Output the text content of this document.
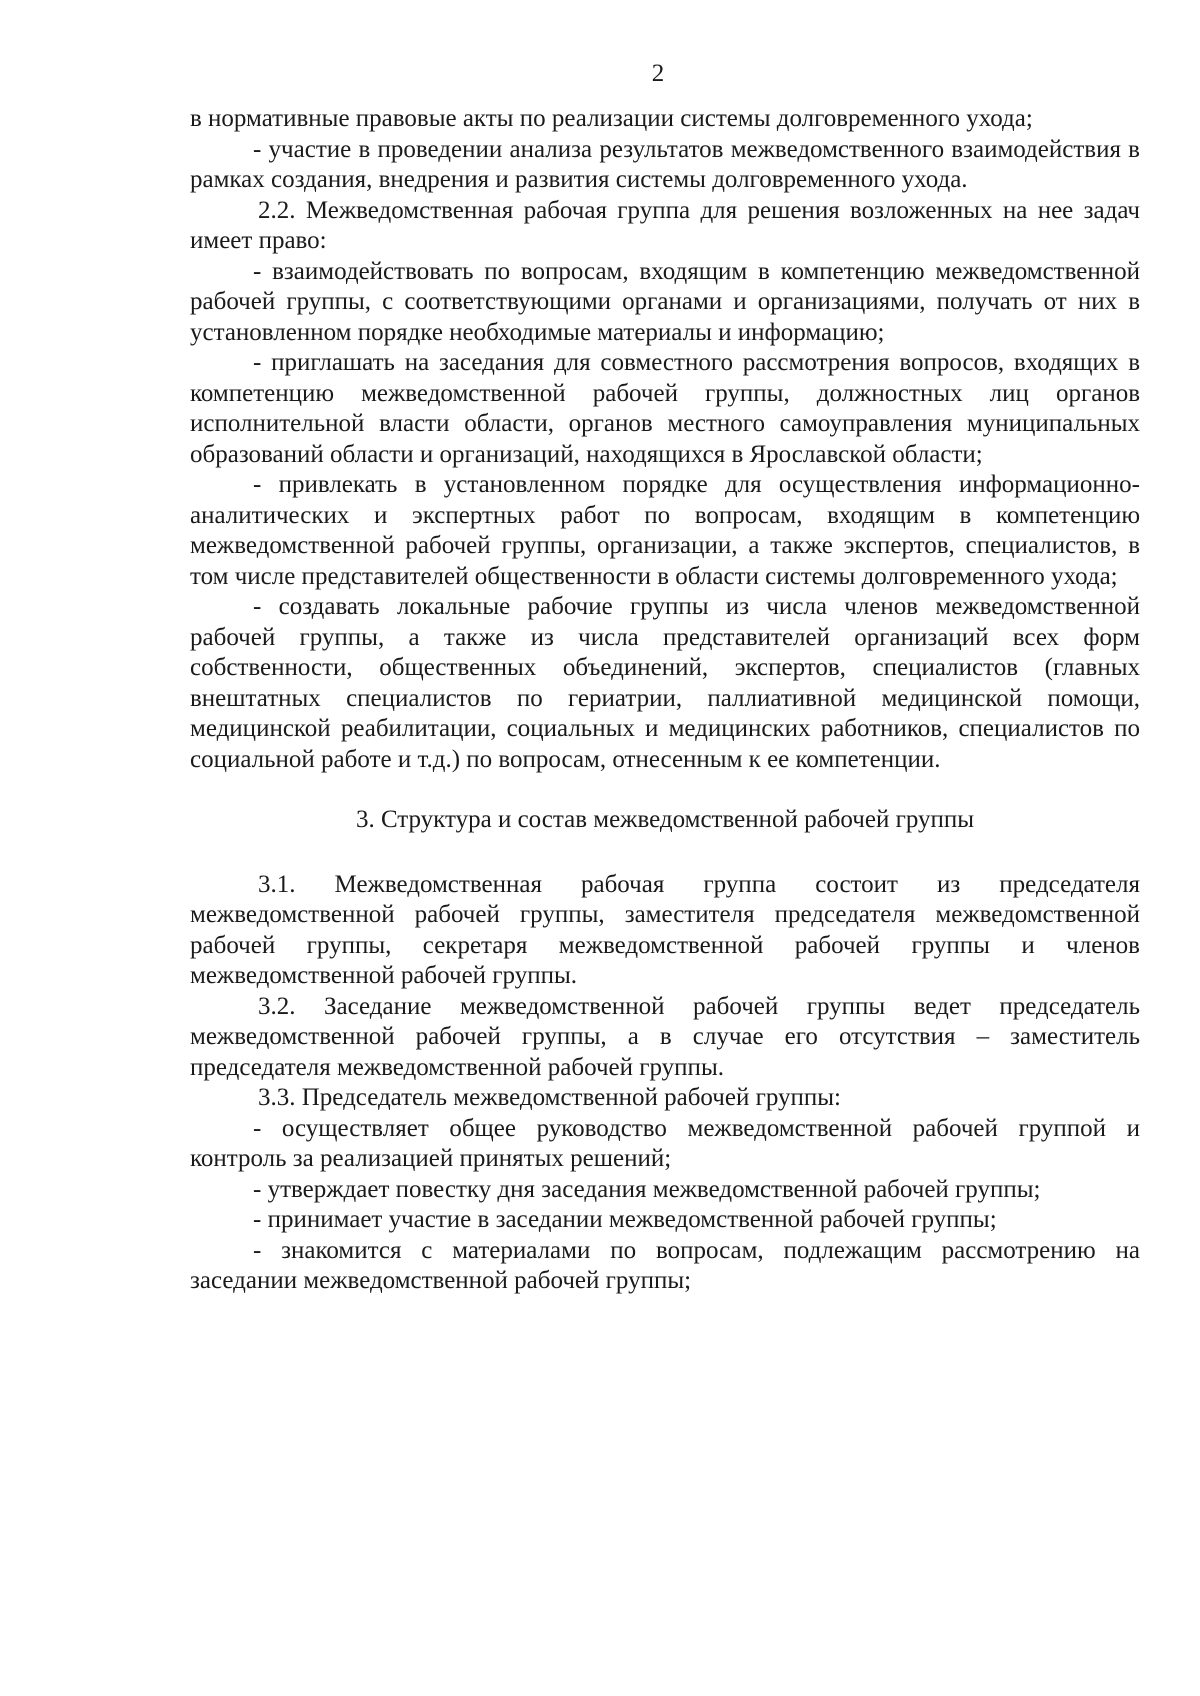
2

в нормативные правовые акты по реализации системы долговременного ухода;

- участие в проведении анализа результатов межведомственного взаимодействия в рамках создания, внедрения и развития системы долговременного ухода.

2.2. Межведомственная рабочая группа для решения возложенных на нее задач имеет право:

- взаимодействовать по вопросам, входящим в компетенцию межведомственной рабочей группы, с соответствующими органами и организациями, получать от них в установленном порядке необходимые материалы и информацию;

- приглашать на заседания для совместного рассмотрения вопросов, входящих в компетенцию межведомственной рабочей группы, должностных лиц органов исполнительной власти области, органов местного самоуправления муниципальных образований области и организаций, находящихся в Ярославской области;

- привлекать в установленном порядке для осуществления информационно-аналитических и экспертных работ по вопросам, входящим в компетенцию межведомственной рабочей группы, организации, а также экспертов, специалистов, в том числе представителей общественности в области системы долговременного ухода;

- создавать локальные рабочие группы из числа членов межведомственной рабочей группы, а также из числа представителей организаций всех форм собственности, общественных объединений, экспертов, специалистов (главных внештатных специалистов по гериатрии, паллиативной медицинской помощи, медицинской реабилитации, социальных и медицинских работников, специалистов по социальной работе и т.д.) по вопросам, отнесенным к ее компетенции.

3. Структура и состав межведомственной рабочей группы

3.1. Межведомственная рабочая группа состоит из председателя межведомственной рабочей группы, заместителя председателя межведомственной рабочей группы, секретаря межведомственной рабочей группы и членов межведомственной рабочей группы.

3.2. Заседание межведомственной рабочей группы ведет председатель межведомственной рабочей группы, а в случае его отсутствия – заместитель председателя межведомственной рабочей группы.

3.3. Председатель межведомственной рабочей группы:

- осуществляет общее руководство межведомственной рабочей группой и контроль за реализацией принятых решений;

- утверждает повестку дня заседания межведомственной рабочей группы;

- принимает участие в заседании межведомственной рабочей группы;

- знакомится с материалами по вопросам, подлежащим рассмотрению на заседании межведомственной рабочей группы;
